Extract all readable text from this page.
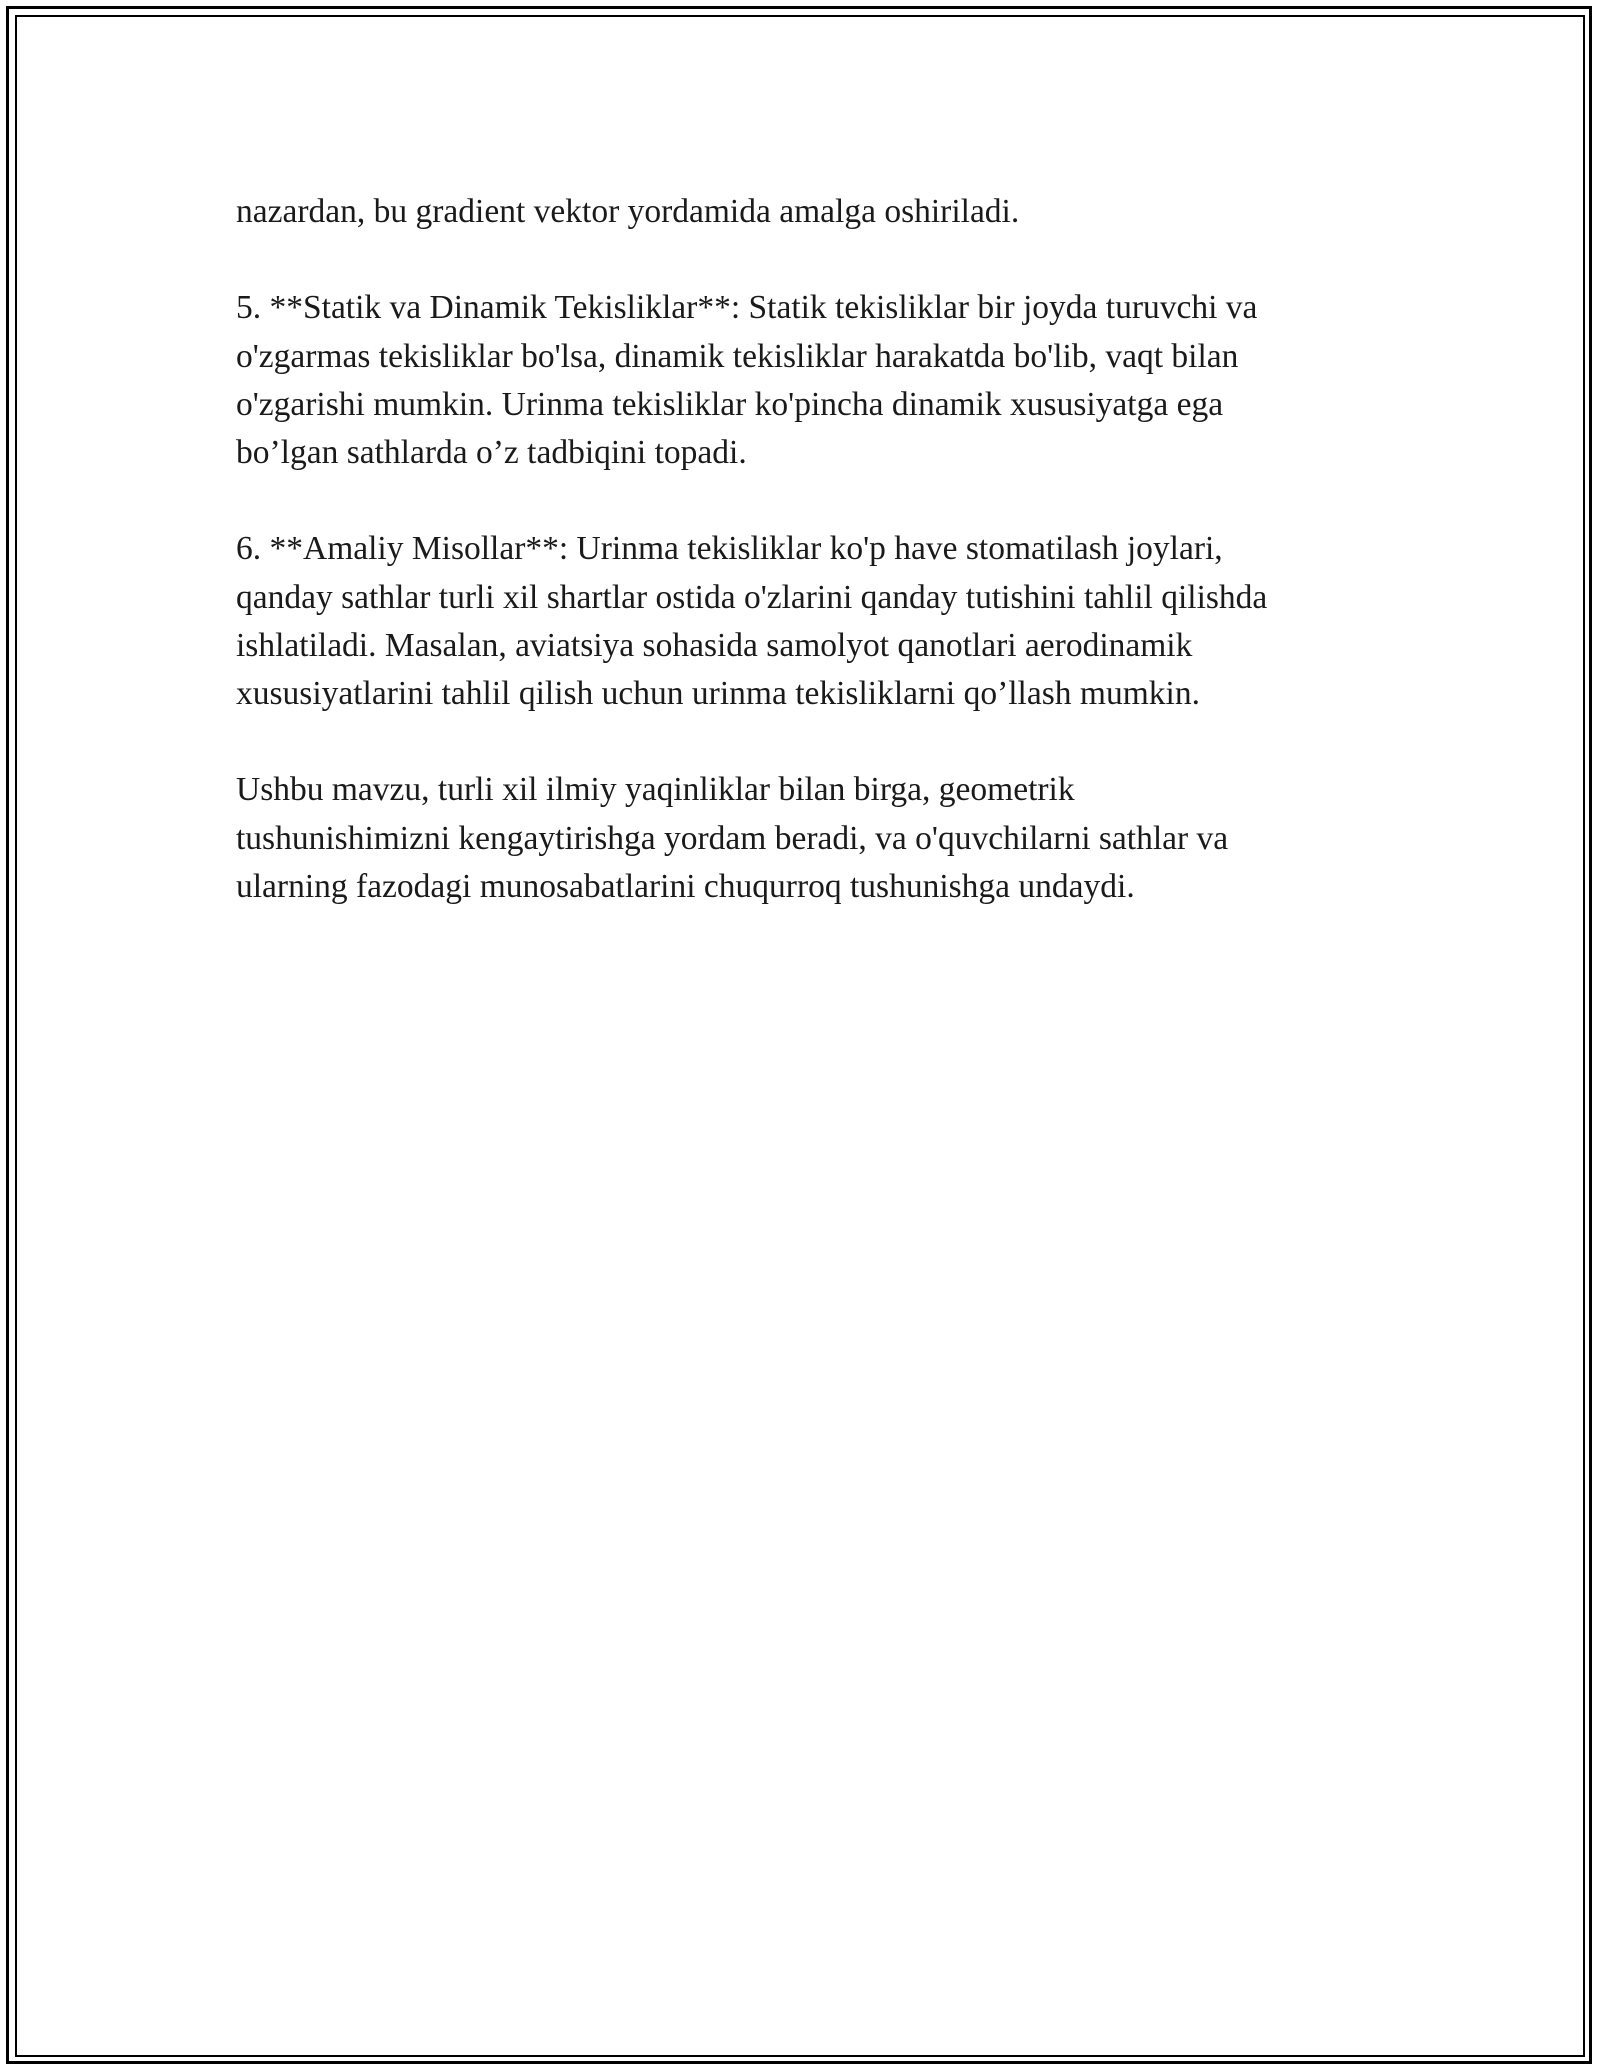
nazardan, bu gradient vektor yordamida amalga oshiriladi.

5. **Statik va Dinamik Tekisliklar**: Statik tekisliklar bir joyda turuvchi va
o'zgarmas tekisliklar bo'lsa, dinamik tekisliklar harakatda bo'lib, vaqt bilan
o'zgarishi mumkin. Urinma tekisliklar ko'pincha dinamik xususiyatga ega
bo’lgan sathlarda o’z tadbiqini topadi.

6. **Amaliy Misollar**: Urinma tekisliklar ko'p have stomatilash joylari,
qanday sathlar turli xil shartlar ostida o'zlarini qanday tutishini tahlil qilishda
ishlatiladi. Masalan, aviatsiya sohasida samolyot qanotlari aerodinamik
xususiyatlarini tahlil qilish uchun urinma tekisliklarni qo’llash mumkin.

Ushbu mavzu, turli xil ilmiy yaqinliklar bilan birga, geometrik
tushunishimizni kengaytirishga yordam beradi, va o'quvchilarni sathlar va
ularning fazodagi munosabatlarini chuqurroq tushunishga undaydi.
